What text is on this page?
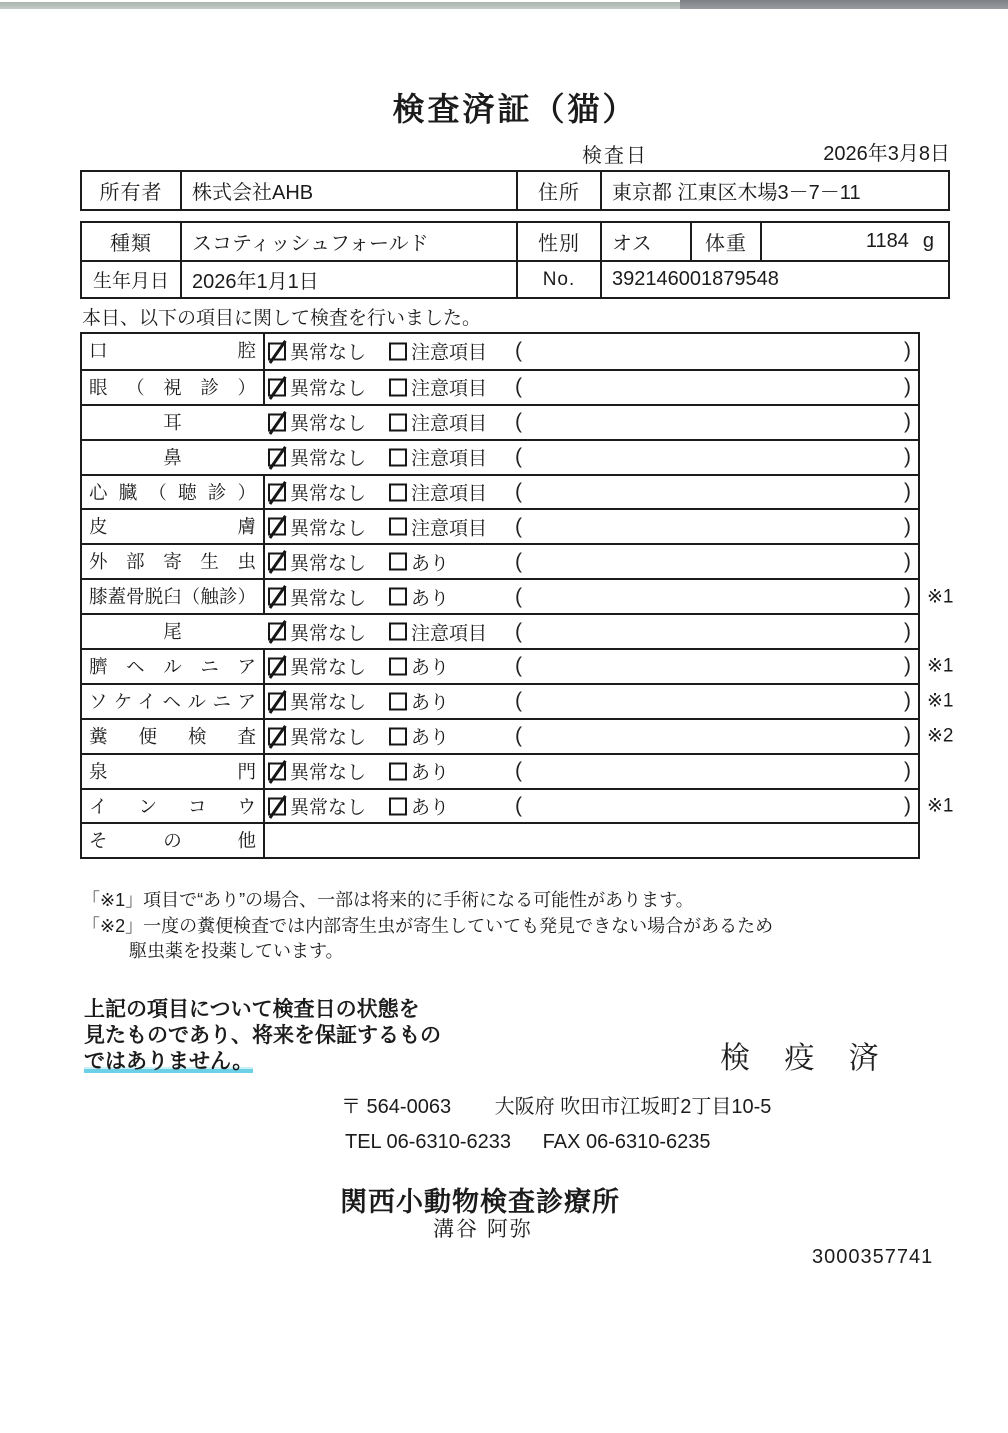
検査済証（猫）
検査日	2026年3月8日
所有者	株式会社AHB	住所	東京都 江東区木場3－7－11
種類	スコティッシュフォールド	性別	オス	体重	1184 g
生年月日	2026年1月1日	No.	392146001879548
本日、以下の項目に関して検査を行いました。
口腔	異常なし 注意項目 (	)
眼（視診）	異常なし 注意項目 (	)
耳	異常なし 注意項目 (	)
鼻	異常なし 注意項目 (	)
心臓（聴診）	異常なし 注意項目 (	)
皮膚	異常なし 注意項目 (	)
外部寄生虫	異常なし あり	(	)
膝蓋骨脱臼（触診）	異常なし あり	(	) ※1
尾	異常なし 注意項目 (	)
臍ヘルニア	異常なし あり	(	) ※1
ソケイヘルニア	異常なし あり	(	) ※1
糞便検査	異常なし あり	(	) ※2
泉門	異常なし あり	(	)
インコウ	異常なし あり	(	) ※1
その他
「※1」項目で“あり”の場合、一部は将来的に手術になる可能性があります。
「※2」一度の糞便検査では内部寄生虫が寄生していても発見できない場合があるため
駆虫薬を投薬しています。
上記の項目について検査日の状態を
見たものであり、将来を保証するもの
ではありません。	検 疫 済
〒 564-0063 大阪府 吹田市江坂町2丁目10-5
TEL 06-6310-6233 FAX 06-6310-6235
関西小動物検査診療所
溝谷 阿弥
3000357741
